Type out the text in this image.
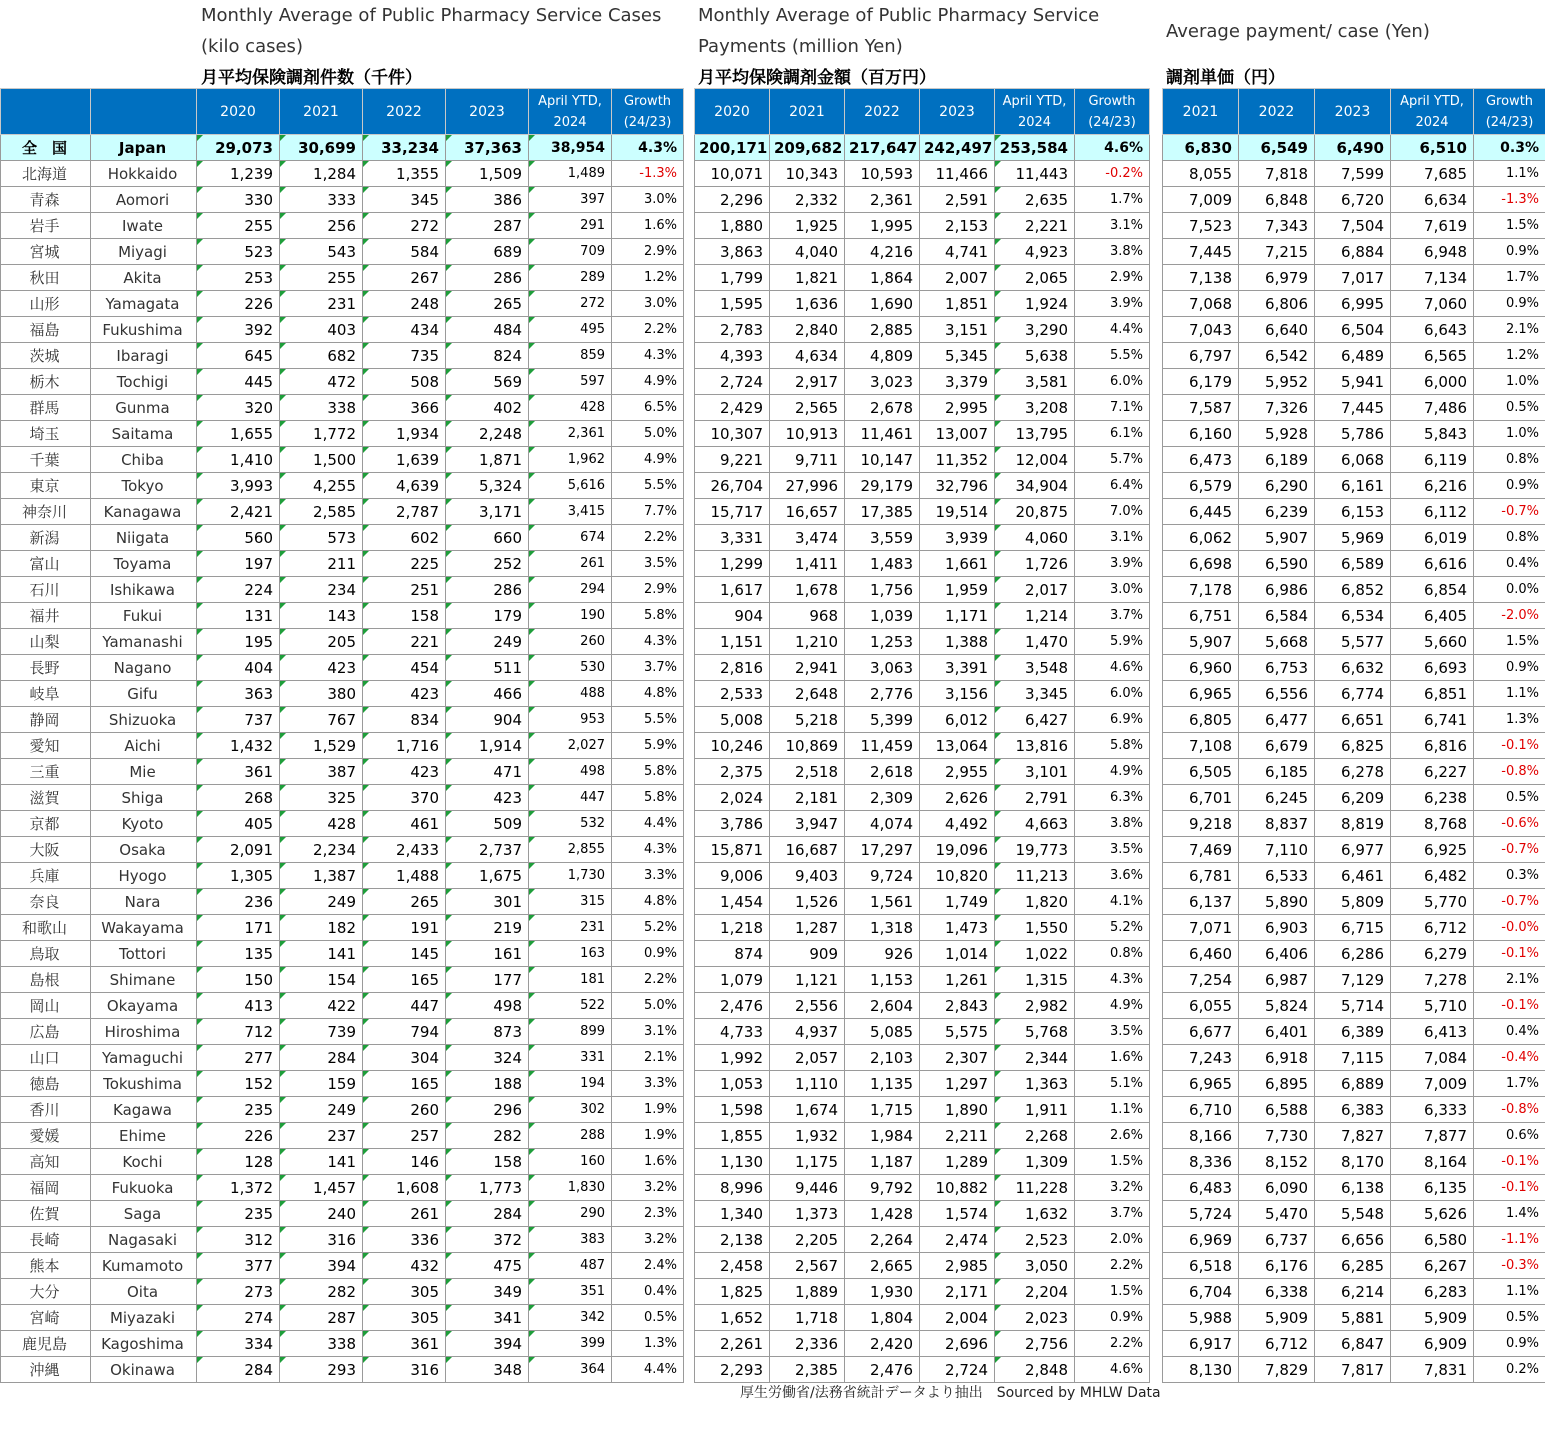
Monthly Average of Public Pharmacy Service Cases
(kilo cases)
月平均保険調剤件数（千件）
Monthly Average of Public Pharmacy Service
Payments (million Yen)
月平均保険調剤金額（百万円）
Average payment/ case (Yen)
調剤単価（円）
		2020	2021	2022	2023	April YTD, 2024	Growth (24/23)
全　国	Japan	29,073	30,699	33,234	37,363	38,954	4.3%
北海道	Hokkaido	1,239	1,284	1,355	1,509	1,489	-1.3%
青森	Aomori	330	333	345	386	397	3.0%
岩手	Iwate	255	256	272	287	291	1.6%
宮城	Miyagi	523	543	584	689	709	2.9%
秋田	Akita	253	255	267	286	289	1.2%
山形	Yamagata	226	231	248	265	272	3.0%
福島	Fukushima	392	403	434	484	495	2.2%
茨城	Ibaragi	645	682	735	824	859	4.3%
栃木	Tochigi	445	472	508	569	597	4.9%
群馬	Gunma	320	338	366	402	428	6.5%
埼玉	Saitama	1,655	1,772	1,934	2,248	2,361	5.0%
千葉	Chiba	1,410	1,500	1,639	1,871	1,962	4.9%
東京	Tokyo	3,993	4,255	4,639	5,324	5,616	5.5%
神奈川	Kanagawa	2,421	2,585	2,787	3,171	3,415	7.7%
新潟	Niigata	560	573	602	660	674	2.2%
富山	Toyama	197	211	225	252	261	3.5%
石川	Ishikawa	224	234	251	286	294	2.9%
福井	Fukui	131	143	158	179	190	5.8%
山梨	Yamanashi	195	205	221	249	260	4.3%
長野	Nagano	404	423	454	511	530	3.7%
岐阜	Gifu	363	380	423	466	488	4.8%
静岡	Shizuoka	737	767	834	904	953	5.5%
愛知	Aichi	1,432	1,529	1,716	1,914	2,027	5.9%
三重	Mie	361	387	423	471	498	5.8%
滋賀	Shiga	268	325	370	423	447	5.8%
京都	Kyoto	405	428	461	509	532	4.4%
大阪	Osaka	2,091	2,234	2,433	2,737	2,855	4.3%
兵庫	Hyogo	1,305	1,387	1,488	1,675	1,730	3.3%
奈良	Nara	236	249	265	301	315	4.8%
和歌山	Wakayama	171	182	191	219	231	5.2%
鳥取	Tottori	135	141	145	161	163	0.9%
島根	Shimane	150	154	165	177	181	2.2%
岡山	Okayama	413	422	447	498	522	5.0%
広島	Hiroshima	712	739	794	873	899	3.1%
山口	Yamaguchi	277	284	304	324	331	2.1%
徳島	Tokushima	152	159	165	188	194	3.3%
香川	Kagawa	235	249	260	296	302	1.9%
愛媛	Ehime	226	237	257	282	288	1.9%
高知	Kochi	128	141	146	158	160	1.6%
福岡	Fukuoka	1,372	1,457	1,608	1,773	1,830	3.2%
佐賀	Saga	235	240	261	284	290	2.3%
長崎	Nagasaki	312	316	336	372	383	3.2%
熊本	Kumamoto	377	394	432	475	487	2.4%
大分	Oita	273	282	305	349	351	0.4%
宮崎	Miyazaki	274	287	305	341	342	0.5%
鹿児島	Kagoshima	334	338	361	394	399	1.3%
沖縄	Okinawa	284	293	316	348	364	4.4%
2020	2021	2022	2023	April YTD, 2024	Growth (24/23)
200,171	209,682	217,647	242,497	253,584	4.6%
10,071	10,343	10,593	11,466	11,443	-0.2%
2,296	2,332	2,361	2,591	2,635	1.7%
1,880	1,925	1,995	2,153	2,221	3.1%
3,863	4,040	4,216	4,741	4,923	3.8%
1,799	1,821	1,864	2,007	2,065	2.9%
1,595	1,636	1,690	1,851	1,924	3.9%
2,783	2,840	2,885	3,151	3,290	4.4%
4,393	4,634	4,809	5,345	5,638	5.5%
2,724	2,917	3,023	3,379	3,581	6.0%
2,429	2,565	2,678	2,995	3,208	7.1%
10,307	10,913	11,461	13,007	13,795	6.1%
9,221	9,711	10,147	11,352	12,004	5.7%
26,704	27,996	29,179	32,796	34,904	6.4%
15,717	16,657	17,385	19,514	20,875	7.0%
3,331	3,474	3,559	3,939	4,060	3.1%
1,299	1,411	1,483	1,661	1,726	3.9%
1,617	1,678	1,756	1,959	2,017	3.0%
904	968	1,039	1,171	1,214	3.7%
1,151	1,210	1,253	1,388	1,470	5.9%
2,816	2,941	3,063	3,391	3,548	4.6%
2,533	2,648	2,776	3,156	3,345	6.0%
5,008	5,218	5,399	6,012	6,427	6.9%
10,246	10,869	11,459	13,064	13,816	5.8%
2,375	2,518	2,618	2,955	3,101	4.9%
2,024	2,181	2,309	2,626	2,791	6.3%
3,786	3,947	4,074	4,492	4,663	3.8%
15,871	16,687	17,297	19,096	19,773	3.5%
9,006	9,403	9,724	10,820	11,213	3.6%
1,454	1,526	1,561	1,749	1,820	4.1%
1,218	1,287	1,318	1,473	1,550	5.2%
874	909	926	1,014	1,022	0.8%
1,079	1,121	1,153	1,261	1,315	4.3%
2,476	2,556	2,604	2,843	2,982	4.9%
4,733	4,937	5,085	5,575	5,768	3.5%
1,992	2,057	2,103	2,307	2,344	1.6%
1,053	1,110	1,135	1,297	1,363	5.1%
1,598	1,674	1,715	1,890	1,911	1.1%
1,855	1,932	1,984	2,211	2,268	2.6%
1,130	1,175	1,187	1,289	1,309	1.5%
8,996	9,446	9,792	10,882	11,228	3.2%
1,340	1,373	1,428	1,574	1,632	3.7%
2,138	2,205	2,264	2,474	2,523	2.0%
2,458	2,567	2,665	2,985	3,050	2.2%
1,825	1,889	1,930	2,171	2,204	1.5%
1,652	1,718	1,804	2,004	2,023	0.9%
2,261	2,336	2,420	2,696	2,756	2.2%
2,293	2,385	2,476	2,724	2,848	4.6%
2021	2022	2023	April YTD, 2024	Growth (24/23)
6,830	6,549	6,490	6,510	0.3%
8,055	7,818	7,599	7,685	1.1%
7,009	6,848	6,720	6,634	-1.3%
7,523	7,343	7,504	7,619	1.5%
7,445	7,215	6,884	6,948	0.9%
7,138	6,979	7,017	7,134	1.7%
7,068	6,806	6,995	7,060	0.9%
7,043	6,640	6,504	6,643	2.1%
6,797	6,542	6,489	6,565	1.2%
6,179	5,952	5,941	6,000	1.0%
7,587	7,326	7,445	7,486	0.5%
6,160	5,928	5,786	5,843	1.0%
6,473	6,189	6,068	6,119	0.8%
6,579	6,290	6,161	6,216	0.9%
6,445	6,239	6,153	6,112	-0.7%
6,062	5,907	5,969	6,019	0.8%
6,698	6,590	6,589	6,616	0.4%
7,178	6,986	6,852	6,854	0.0%
6,751	6,584	6,534	6,405	-2.0%
5,907	5,668	5,577	5,660	1.5%
6,960	6,753	6,632	6,693	0.9%
6,965	6,556	6,774	6,851	1.1%
6,805	6,477	6,651	6,741	1.3%
7,108	6,679	6,825	6,816	-0.1%
6,505	6,185	6,278	6,227	-0.8%
6,701	6,245	6,209	6,238	0.5%
9,218	8,837	8,819	8,768	-0.6%
7,469	7,110	6,977	6,925	-0.7%
6,781	6,533	6,461	6,482	0.3%
6,137	5,890	5,809	5,770	-0.7%
7,071	6,903	6,715	6,712	-0.0%
6,460	6,406	6,286	6,279	-0.1%
7,254	6,987	7,129	7,278	2.1%
6,055	5,824	5,714	5,710	-0.1%
6,677	6,401	6,389	6,413	0.4%
7,243	6,918	7,115	7,084	-0.4%
6,965	6,895	6,889	7,009	1.7%
6,710	6,588	6,383	6,333	-0.8%
8,166	7,730	7,827	7,877	0.6%
8,336	8,152	8,170	8,164	-0.1%
6,483	6,090	6,138	6,135	-0.1%
5,724	5,470	5,548	5,626	1.4%
6,969	6,737	6,656	6,580	-1.1%
6,518	6,176	6,285	6,267	-0.3%
6,704	6,338	6,214	6,283	1.1%
5,988	5,909	5,881	5,909	0.5%
6,917	6,712	6,847	6,909	0.9%
8,130	7,829	7,817	7,831	0.2%
厚生労働省/法務省統計データより抽出　Sourced by MHLW Data
